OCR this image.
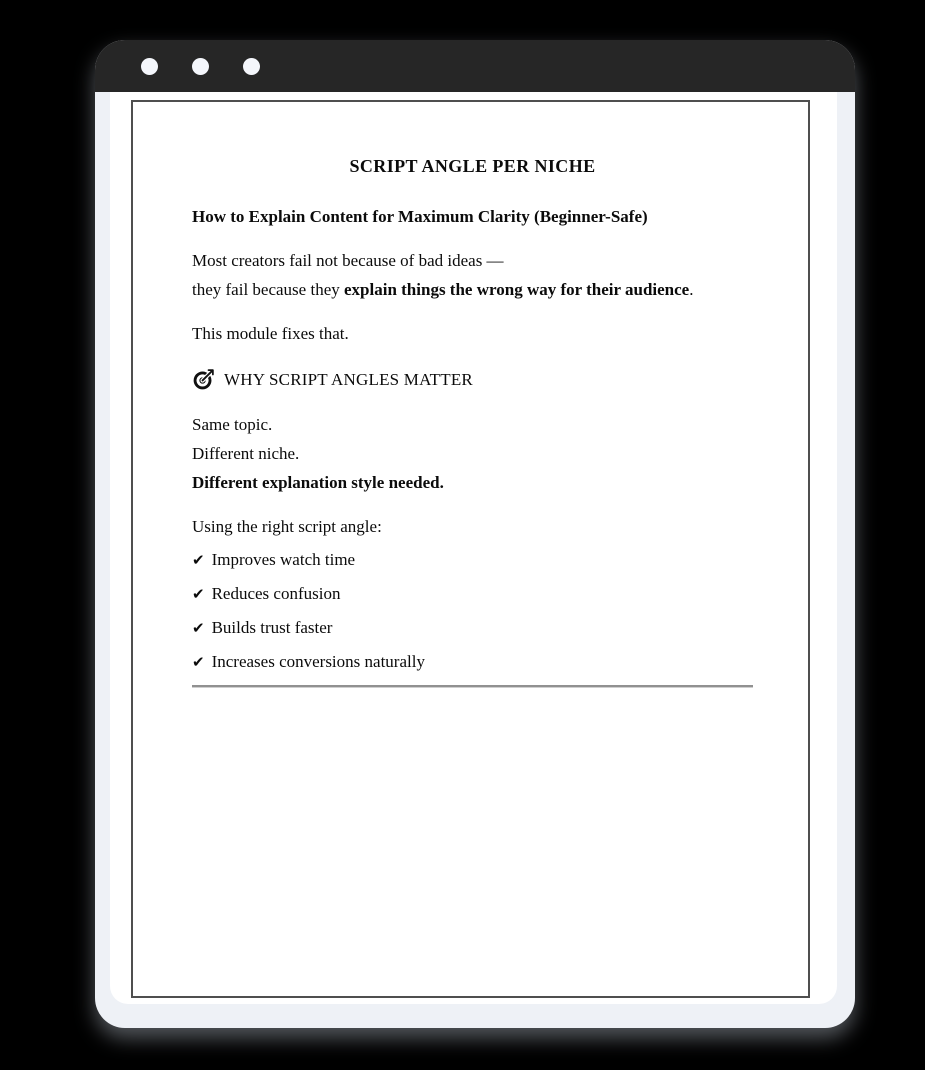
SCRIPT ANGLE PER NICHE
How to Explain Content for Maximum Clarity (Beginner-Safe)

Most creators fail not because of bad ideas —
they fail because they explain things the wrong way for their audience.

This module fixes that.

WHY SCRIPT ANGLES MATTER

Same topic.
Different niche.
Different explanation style needed.

Using the right script angle:

✔ Improves watch time
✔ Reduces confusion
✔ Builds trust faster
✔ Increases conversions naturally
